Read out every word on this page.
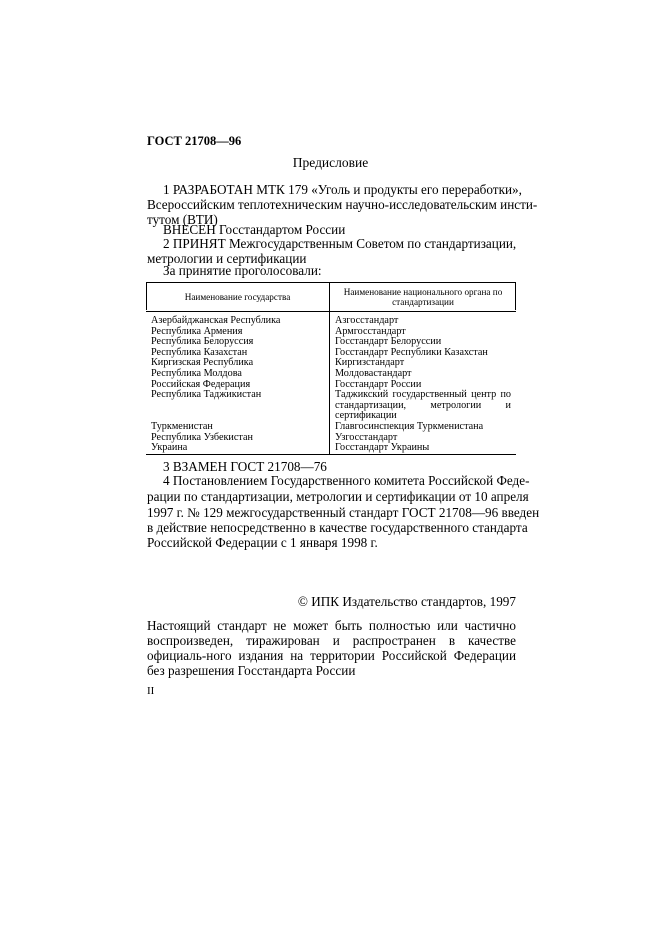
ГОСТ 21708—96
Предисловие
1 РАЗРАБОТАН МТК 179 «Уголь и продукты его переработки»,
Всероссийским теплотехническим научно-исследовательским инсти-
тутом (ВТИ)
ВНЕСЕН Госстандартом России
2 ПРИНЯТ Межгосударственным Советом по стандартизации,
метрологии и сертификации
За принятие проголосовали:
Наименование государства	Наименование национального органа по стандартизации
Азербайджанская Республика	Азгосстандарт
Республика Армения	Армгосстандарт
Республика Белоруссия	Госстандарт Белоруссии
Республика Казахстан	Госстандарт Республики Казахстан
Киргизская Республика	Киргизстандарт
Республика Молдова	Молдовастандарт
Российская Федерация	Госстандарт России
Республика Таджикистан	Таджикский государственный центр по стандартизации, метрологии и сертификации
Туркменистан	Главгосинспекция Туркменистана
Республика Узбекистан	Узгосстандарт
Украина	Госстандарт Украины
3 ВЗАМЕН ГОСТ 21708—76
4 Постановлением Государственного комитета Российской Феде-
рации по стандартизации, метрологии и сертификации от 10 апреля
1997 г. № 129 межгосударственный стандарт ГОСТ 21708—96 введен
в действие непосредственно в качестве государственного стандарта
Российской Федерации с 1 января 1998 г.
© ИПК Издательство стандартов, 1997
Настоящий стандарт не может быть полностью или частично воспроизведен, тиражирован и распространен в качестве официаль-ного издания на территории Российской Федерации без разрешения Госстандарта России
II
